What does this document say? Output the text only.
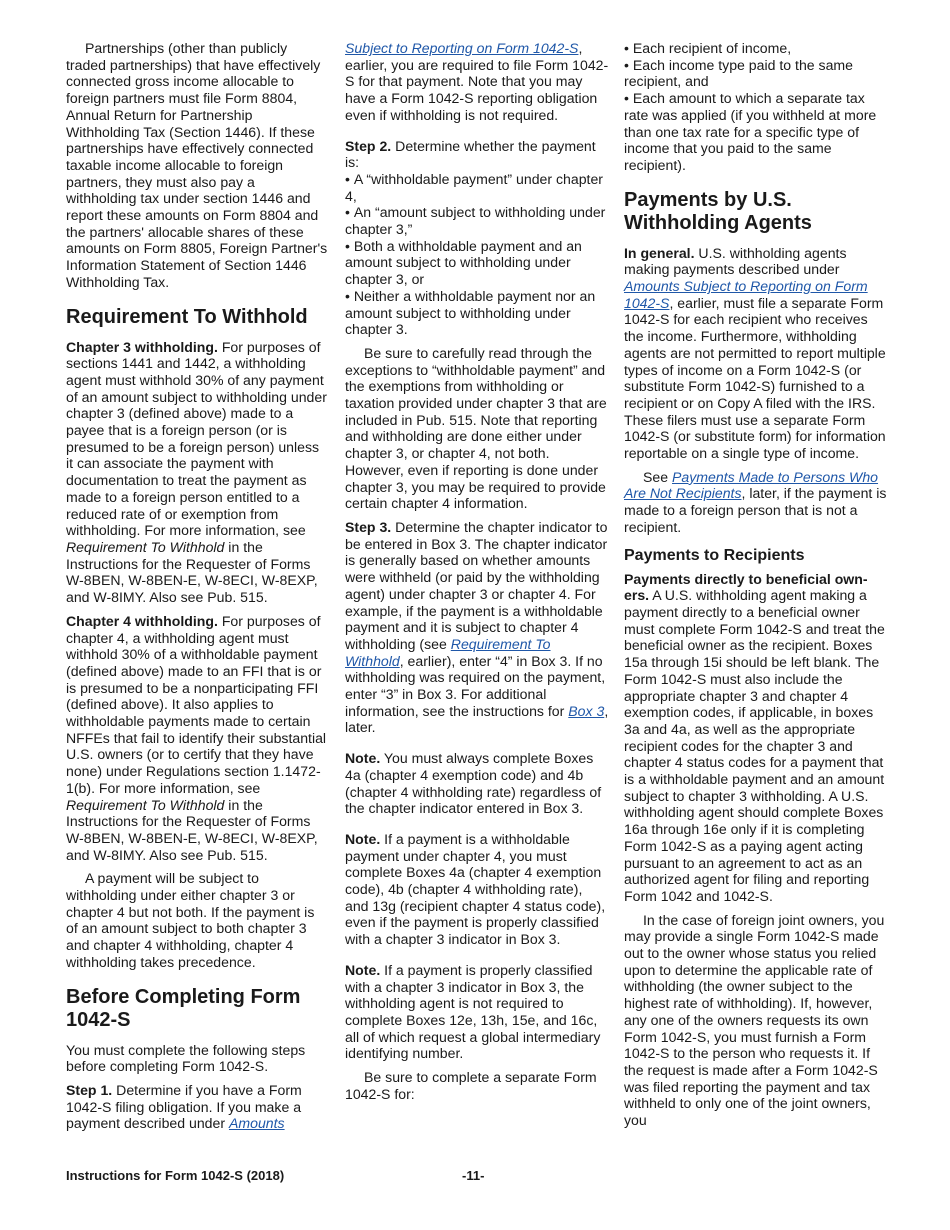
Partnerships (other than publicly traded partnerships) that have effectively connected gross income allocable to foreign partners must file Form 8804, Annual Return for Partnership Withholding Tax (Section 1446). If these partnerships have effectively connected taxable income allocable to foreign partners, they must also pay a withholding tax under section 1446 and report these amounts on Form 8804 and the partners' allocable shares of these amounts on Form 8805, Foreign Partner's Information Statement of Section 1446 Withholding Tax.

Requirement To Withhold

Chapter 3 withholding. For purposes of sections 1441 and 1442, a withholding agent must withhold 30% of any payment of an amount subject to withholding under chapter 3 (defined above) made to a payee that is a foreign person (or is presumed to be a foreign person) unless it can associate the payment with documentation to treat the payment as made to a foreign person entitled to a reduced rate of or exemption from withholding. For more information, see Requirement To Withhold in the Instructions for the Requester of Forms W-8BEN, W-8BEN-E, W-8ECI, W-8EXP, and W-8IMY. Also see Pub. 515.

Chapter 4 withholding. For purposes of chapter 4, a withholding agent must withhold 30% of a withholdable payment (defined above) made to an FFI that is or is presumed to be a nonparticipating FFI (defined above). It also applies to withholdable payments made to certain NFFEs that fail to identify their substantial U.S. owners (or to certify that they have none) under Regulations section 1.1472-1(b). For more information, see Requirement To Withhold in the Instructions for the Requester of Forms W-8BEN, W-8BEN-E, W-8ECI, W-8EXP, and W-8IMY. Also see Pub. 515.

A payment will be subject to withholding under either chapter 3 or chapter 4 but not both. If the payment is of an amount subject to both chapter 3 and chapter 4 withholding, chapter 4 withholding takes precedence.

Before Completing Form 1042-S

You must complete the following steps before completing Form 1042-S.

Step 1. Determine if you have a Form 1042-S filing obligation. If you make a payment described under Amounts

Subject to Reporting on Form 1042-S, earlier, you are required to file Form 1042-S for that payment. Note that you may have a Form 1042-S reporting obligation even if withholding is not required.

Step 2. Determine whether the payment is:

• A “withholdable payment” under chapter 4,
• An “amount subject to withholding under chapter 3,”
• Both a withholdable payment and an amount subject to withholding under chapter 3, or
• Neither a withholdable payment nor an amount subject to withholding under chapter 3.

Be sure to carefully read through the exceptions to “withholdable payment” and the exemptions from withholding or taxation provided under chapter 3 that are included in Pub. 515. Note that reporting and withholding are done either under chapter 3, or chapter 4, not both. However, even if reporting is done under chapter 3, you may be required to provide certain chapter 4 information.

Step 3. Determine the chapter indicator to be entered in Box 3. The chapter indicator is generally based on whether amounts were withheld (or paid by the withholding agent) under chapter 3 or chapter 4. For example, if the payment is a withholdable payment and it is subject to chapter 4 withholding (see Requirement To Withhold, earlier), enter “4” in Box 3. If no withholding was required on the payment, enter “3” in Box 3. For additional information, see the instructions for Box 3, later.

Note. You must always complete Boxes 4a (chapter 4 exemption code) and 4b (chapter 4 withholding rate) regardless of the chapter indicator entered in Box 3.

Note. If a payment is a withholdable payment under chapter 4, you must complete Boxes 4a (chapter 4 exemption code), 4b (chapter 4 withholding rate), and 13g (recipient chapter 4 status code), even if the payment is properly classified with a chapter 3 indicator in Box 3.

Note. If a payment is properly classified with a chapter 3 indicator in Box 3, the withholding agent is not required to complete Boxes 12e, 13h, 15e, and 16c, all of which request a global intermediary identifying number.

Be sure to complete a separate Form 1042-S for:

• Each recipient of income,
• Each income type paid to the same recipient, and
• Each amount to which a separate tax rate was applied (if you withheld at more than one tax rate for a specific type of income that you paid to the same recipient).
Payments by U.S. Withholding Agents

In general. U.S. withholding agents making payments described under Amounts Subject to Reporting on Form 1042-S, earlier, must file a separate Form 1042-S for each recipient who receives the income. Furthermore, withholding agents are not permitted to report multiple types of income on a Form 1042-S (or substitute Form 1042-S) furnished to a recipient or on Copy A filed with the IRS. These filers must use a separate Form 1042-S (or substitute form) for information reportable on a single type of income.

See Payments Made to Persons Who Are Not Recipients, later, if the payment is made to a foreign person that is not a recipient.

Payments to Recipients

Payments directly to beneficial own-ers. A U.S. withholding agent making a payment directly to a beneficial owner must complete Form 1042-S and treat the beneficial owner as the recipient. Boxes 15a through 15i should be left blank. The Form 1042-S must also include the appropriate chapter 3 and chapter 4 exemption codes, if applicable, in boxes 3a and 4a, as well as the appropriate recipient codes for the chapter 3 and chapter 4 status codes for a payment that is a withholdable payment and an amount subject to chapter 3 withholding. A U.S. withholding agent should complete Boxes 16a through 16e only if it is completing Form 1042-S as a paying agent acting pursuant to an agreement to act as an authorized agent for filing and reporting Form 1042 and 1042-S.

In the case of foreign joint owners, you may provide a single Form 1042-S made out to the owner whose status you relied upon to determine the applicable rate of withholding (the owner subject to the highest rate of withholding). If, however, any one of the owners requests its own Form 1042-S, you must furnish a Form 1042-S to the person who requests it. If the request is made after a Form 1042-S was filed reporting the payment and tax withheld to only one of the joint owners, you

Instructions for Form 1042-S (2018)	-11-
